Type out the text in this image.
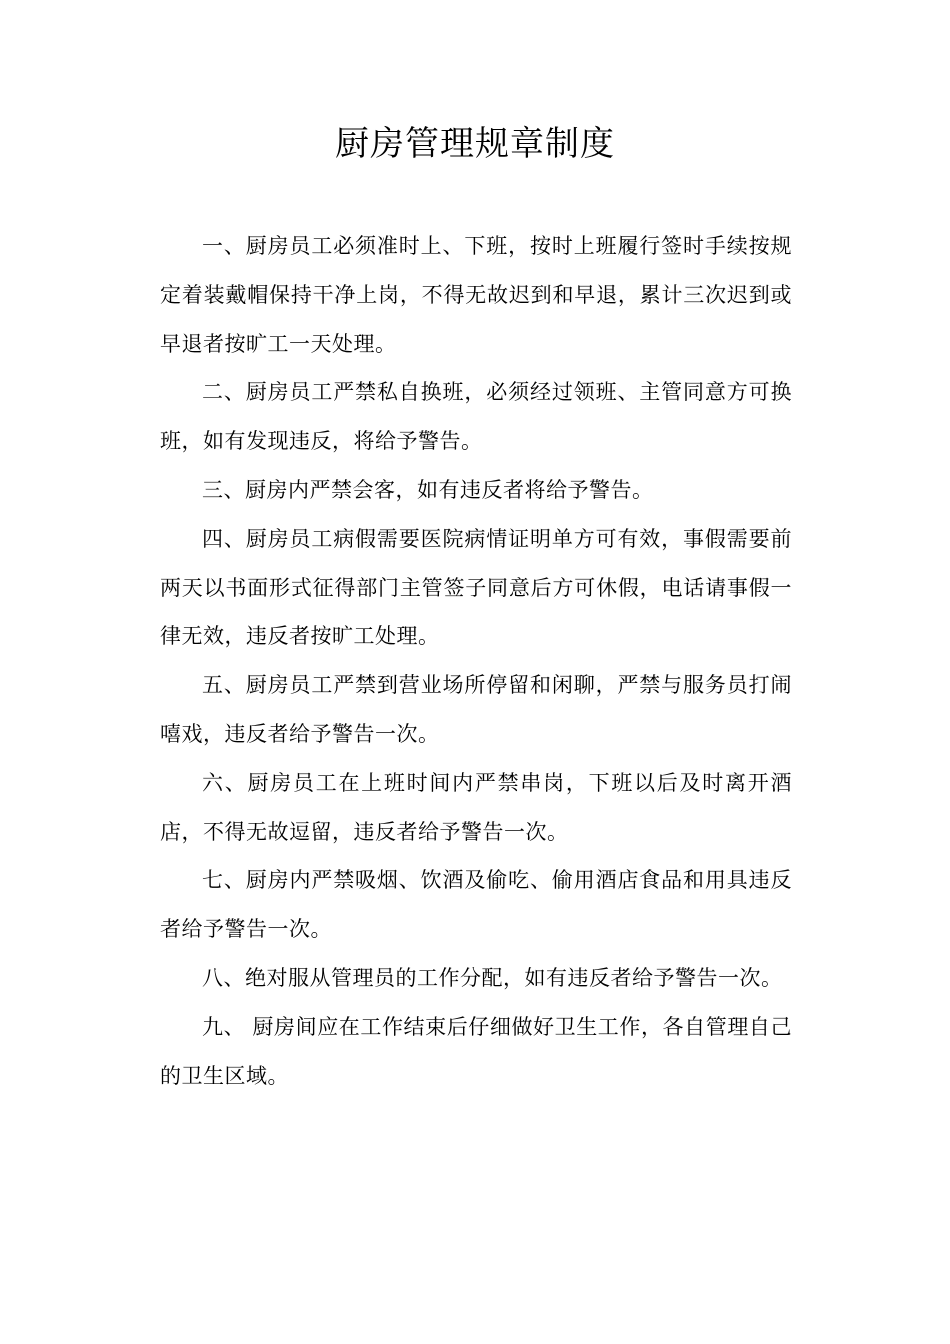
厨房管理规章制度

一、厨房员工必须准时上、下班，按时上班履行签时手续按规定着装戴帽保持干净上岗，不得无故迟到和早退，累计三次迟到或早退者按旷工一天处理。

二、厨房员工严禁私自换班，必须经过领班、主管同意方可换班，如有发现违反，将给予警告。

三、厨房内严禁会客，如有违反者将给予警告。

四、厨房员工病假需要医院病情证明单方可有效，事假需要前两天以书面形式征得部门主管签子同意后方可休假，电话请事假一律无效，违反者按旷工处理。

五、厨房员工严禁到营业场所停留和闲聊，严禁与服务员打闹嘻戏，违反者给予警告一次。

六、厨房员工在上班时间内严禁串岗，下班以后及时离开酒店，不得无故逗留，违反者给予警告一次。

七、厨房内严禁吸烟、饮酒及偷吃、偷用酒店食品和用具违反者给予警告一次。

八、绝对服从管理员的工作分配，如有违反者给予警告一次。

九、 厨房间应在工作结束后仔细做好卫生工作，各自管理自己的卫生区域。
